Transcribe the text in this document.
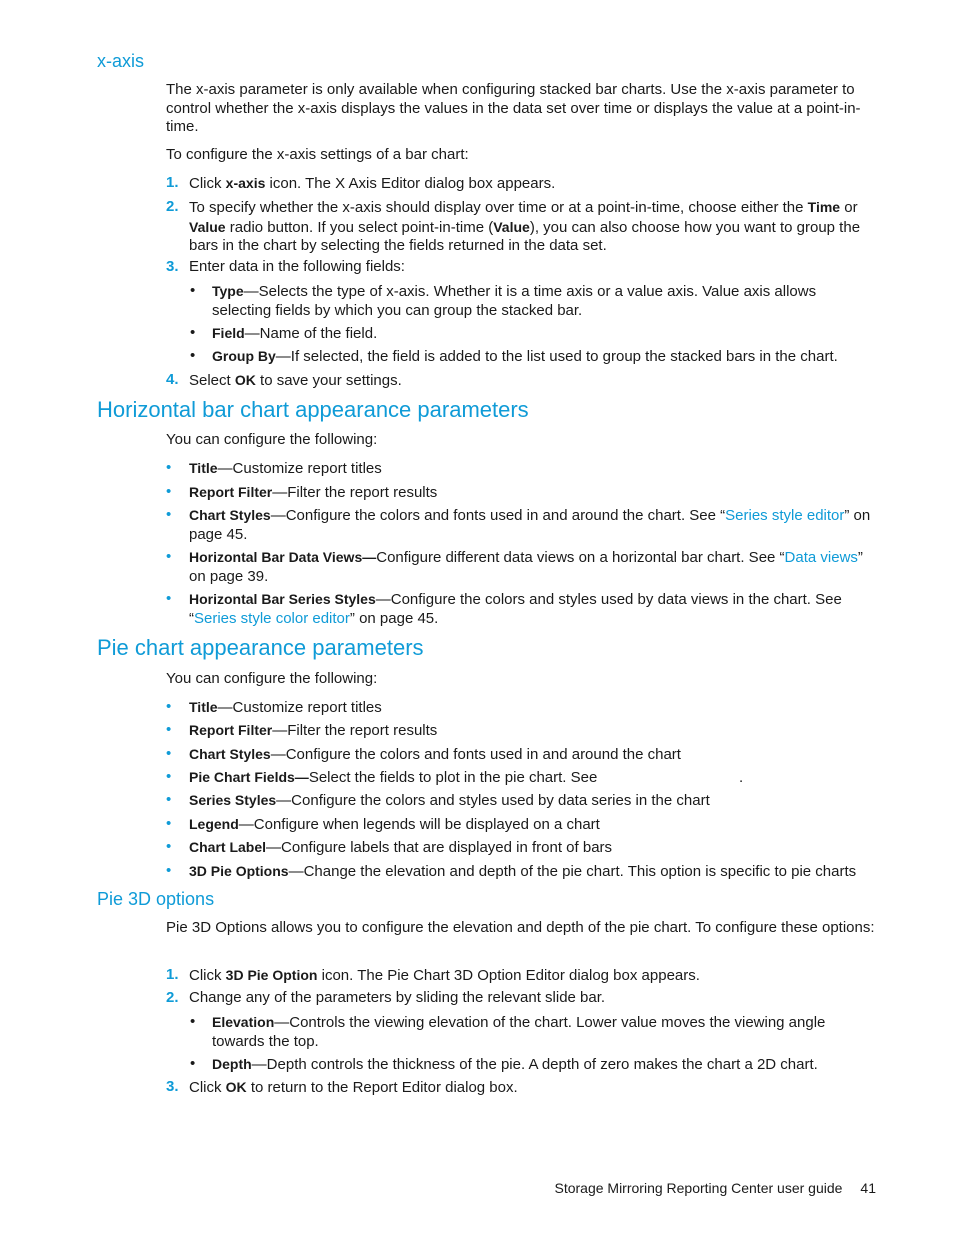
x-axis

The x-axis parameter is only available when configuring stacked bar charts. Use the x-axis parameter to control whether the x-axis displays the values in the data set over time or displays the value at a point-in-time.

To configure the x-axis settings of a bar chart:

1. Click x-axis icon. The X Axis Editor dialog box appears.
2. To specify whether the x-axis should display over time or at a point-in-time, choose either the Time or Value radio button. If you select point-in-time (Value), you can also choose how you want to group the bars in the chart by selecting the fields returned in the data set.
3. Enter data in the following fields:
• Type—Selects the type of x-axis. Whether it is a time axis or a value axis. Value axis allows selecting fields by which you can group the stacked bar.
• Field—Name of the field.
• Group By—If selected, the field is added to the list used to group the stacked bars in the chart.
4. Select OK to save your settings.
Horizontal bar chart appearance parameters

You can configure the following:

• Title—Customize report titles
• Report Filter—Filter the report results
• Chart Styles—Configure the colors and fonts used in and around the chart. See “Series style editor” on page 45.
• Horizontal Bar Data Views—Configure different data views on a horizontal bar chart. See “Data views” on page 39.
• Horizontal Bar Series Styles—Configure the colors and styles used by data views in the chart. See “Series style color editor” on page 45.
Pie chart appearance parameters

You can configure the following:

• Title—Customize report titles
• Report Filter—Filter the report results
• Chart Styles—Configure the colors and fonts used in and around the chart
• Pie Chart Fields—Select the fields to plot in the pie chart. See                                  .
• Series Styles—Configure the colors and styles used by data series in the chart
• Legend—Configure when legends will be displayed on a chart
• Chart Label—Configure labels that are displayed in front of bars
• 3D Pie Options—Change the elevation and depth of the pie chart. This option is specific to pie charts
Pie 3D options

Pie 3D Options allows you to configure the elevation and depth of the pie chart. To configure these options:

1. Click 3D Pie Option icon. The Pie Chart 3D Option Editor dialog box appears.
2. Change any of the parameters by sliding the relevant slide bar.
• Elevation—Controls the viewing elevation of the chart. Lower value moves the viewing angle towards the top.
• Depth—Depth controls the thickness of the pie. A depth of zero makes the chart a 2D chart.
3. Click OK to return to the Report Editor dialog box.
Storage Mirroring Reporting Center user guide 41
